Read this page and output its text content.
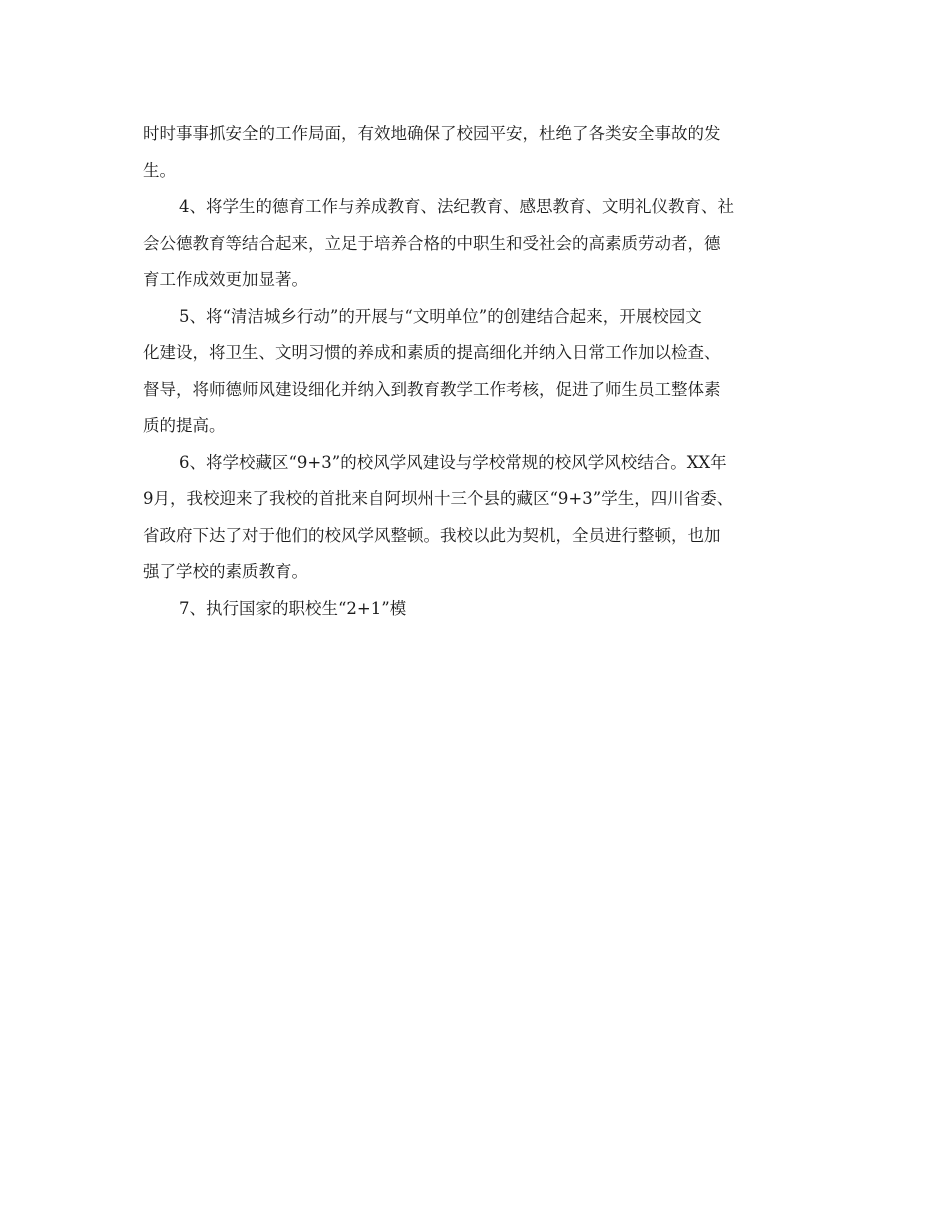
时时事事抓安全的工作局面，有效地确保了校园平安，杜绝了各类安全事故的发
生。
4、将学生的德育工作与养成教育、法纪教育、感思教育、文明礼仪教育、社
会公德教育等结合起来，立足于培养合格的中职生和受社会的高素质劳动者，德
育工作成效更加显著。
5、将“清洁城乡行动”的开展与“文明单位”的创建结合起来，开展校园文
化建设，将卫生、文明习惯的养成和素质的提高细化并纳入日常工作加以检查、
督导，将师德师风建设细化并纳入到教育教学工作考核，促进了师生员工整体素
质的提高。
6、将学校藏区“9+3”的校风学风建设与学校常规的校风学风校结合。XX年
9月，我校迎来了我校的首批来自阿坝州十三个县的藏区“9+3”学生，四川省委、
省政府下达了对于他们的校风学风整顿。我校以此为契机，全员进行整顿，也加
强了学校的素质教育。
7、执行国家的职校生“2+1”模
